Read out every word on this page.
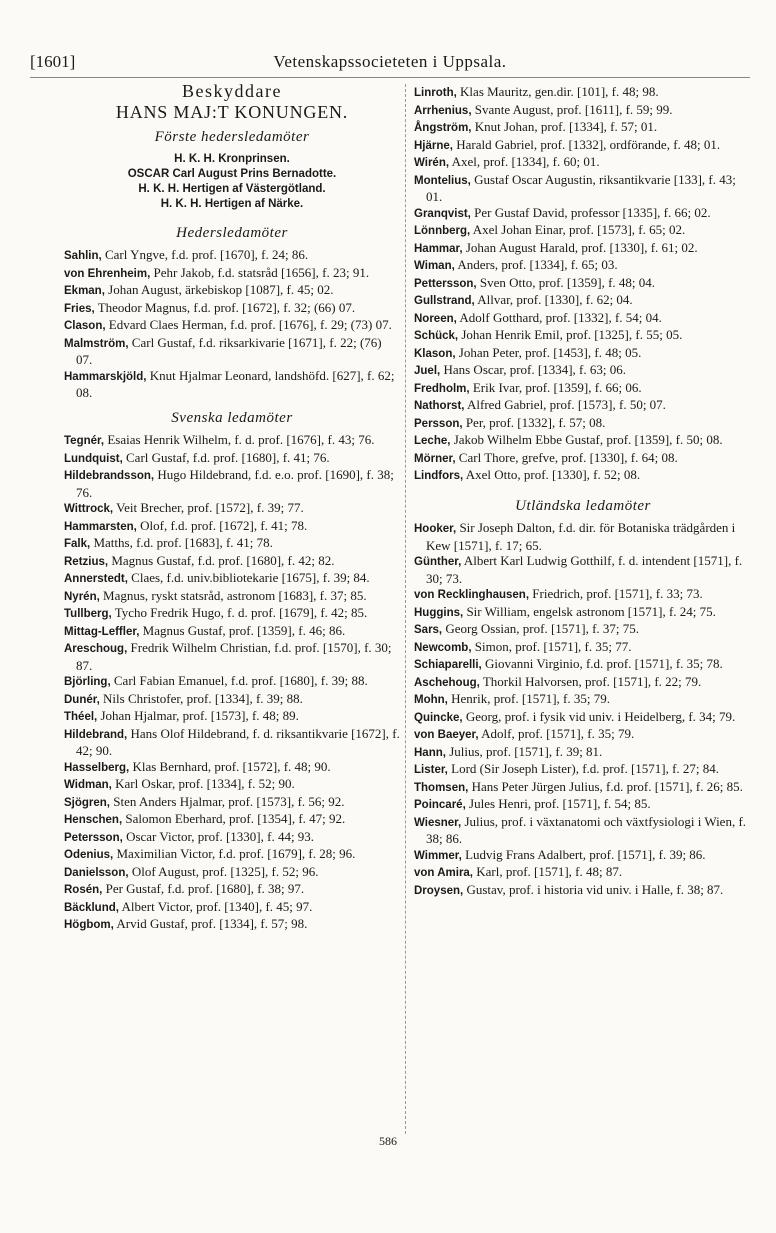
[1601]	Vetenskapssocieteten i Uppsala.
Beskyddare
HANS MAJ:T KONUNGEN.
Förste hedersledamöter
H. K. H. Kronprinsen.
OSCAR Carl August Prins Bernadotte.
H. K. H. Hertigen af Västergötland.
H. K. H. Hertigen af Närke.
Hedersledamöter
Sahlin, Carl Yngve, f.d. prof. [1670], f. 24; 86.
von Ehrenheim, Pehr Jakob, f.d. statsråd [1656], f. 23; 91.
Ekman, Johan August, ärkebiskop [1087], f. 45; 02.
Fries, Theodor Magnus, f.d. prof. [1672], f. 32; (66) 07.
Clason, Edvard Claes Herman, f.d. prof. [1676], f. 29; (73) 07.
Malmström, Carl Gustaf, f.d. riksarkivarie [1671], f. 22; (76) 07.
Hammarskjöld, Knut Hjalmar Leonard, landshöfd. [627], f. 62; 08.
Svenska ledamöter
Tegnér, Esaias Henrik Wilhelm, f. d. prof. [1676], f. 43; 76.
Lundquist, Carl Gustaf, f.d. prof. [1680], f. 41; 76.
Hildebrandsson, Hugo Hildebrand, f.d. e.o. prof. [1690], f. 38; 76.
Wittrock, Veit Brecher, prof. [1572], f. 39; 77.
Hammarsten, Olof, f.d. prof. [1672], f. 41; 78.
Falk, Matths, f.d. prof. [1683], f. 41; 78.
Retzius, Magnus Gustaf, f.d. prof. [1680], f. 42; 82.
Annerstedt, Claes, f.d. univ.bibliotekarie [1675], f. 39; 84.
Nyrén, Magnus, ryskt statsråd, astronom [1683], f. 37; 85.
Tullberg, Tycho Fredrik Hugo, f. d. prof. [1679], f. 42; 85.
Mittag-Leffler, Magnus Gustaf, prof. [1359], f. 46; 86.
Areschoug, Fredrik Wilhelm Christian, f.d. prof. [1570], f. 30; 87.
Björling, Carl Fabian Emanuel, f.d. prof. [1680], f. 39; 88.
Dunér, Nils Christofer, prof. [1334], f. 39; 88.
Théel, Johan Hjalmar, prof. [1573], f. 48; 89.
Hildebrand, Hans Olof Hildebrand, f. d. riksantikvarie [1672], f. 42; 90.
Hasselberg, Klas Bernhard, prof. [1572], f. 48; 90.
Widman, Karl Oskar, prof. [1334], f. 52; 90.
Sjögren, Sten Anders Hjalmar, prof. [1573], f. 56; 92.
Henschen, Salomon Eberhard, prof. [1354], f. 47; 92.
Petersson, Oscar Victor, prof. [1330], f. 44; 93.
Odenius, Maximilian Victor, f.d. prof. [1679], f. 28; 96.
Danielsson, Olof August, prof. [1325], f. 52; 96.
Rosén, Per Gustaf, f.d. prof. [1680], f. 38; 97.
Bäcklund, Albert Victor, prof. [1340], f. 45; 97.
Högbom, Arvid Gustaf, prof. [1334], f. 57; 98.
Linroth, Klas Mauritz, gen.dir. [101], f. 48; 98.
Arrhenius, Svante August, prof. [1611], f. 59; 99.
Ångström, Knut Johan, prof. [1334], f. 57; 01.
Hjärne, Harald Gabriel, prof. [1332], ordförande, f. 48; 01.
Wirén, Axel, prof. [1334], f. 60; 01.
Montelius, Gustaf Oscar Augustin, riksantikvarie [133], f. 43; 01.
Granqvist, Per Gustaf David, professor [1335], f. 66; 02.
Lönnberg, Axel Johan Einar, prof. [1573], f. 65; 02.
Hammar, Johan August Harald, prof. [1330], f. 61; 02.
Wiman, Anders, prof. [1334], f. 65; 03.
Pettersson, Sven Otto, prof. [1359], f. 48; 04.
Gullstrand, Allvar, prof. [1330], f. 62; 04.
Noreen, Adolf Gotthard, prof. [1332], f. 54; 04.
Schück, Johan Henrik Emil, prof. [1325], f. 55; 05.
Klason, Johan Peter, prof. [1453], f. 48; 05.
Juel, Hans Oscar, prof. [1334], f. 63; 06.
Fredholm, Erik Ivar, prof. [1359], f. 66; 06.
Nathorst, Alfred Gabriel, prof. [1573], f. 50; 07.
Persson, Per, prof. [1332], f. 57; 08.
Leche, Jakob Wilhelm Ebbe Gustaf, prof. [1359], f. 50; 08.
Mörner, Carl Thore, grefve, prof. [1330], f. 64; 08.
Lindfors, Axel Otto, prof. [1330], f. 52; 08.
Utländska ledamöter
Hooker, Sir Joseph Dalton, f.d. dir. för Botaniska trädgården i Kew [1571], f. 17; 65.
Günther, Albert Karl Ludwig Gotthilf, f. d. intendent [1571], f. 30; 73.
von Recklinghausen, Friedrich, prof. [1571], f. 33; 73.
Huggins, Sir William, engelsk astronom [1571], f. 24; 75.
Sars, Georg Ossian, prof. [1571], f. 37; 75.
Newcomb, Simon, prof. [1571], f. 35; 77.
Schiaparelli, Giovanni Virginio, f.d. prof. [1571], f. 35; 78.
Aschehoug, Thorkil Halvorsen, prof. [1571], f. 22; 79.
Mohn, Henrik, prof. [1571], f. 35; 79.
Quincke, Georg, prof. i fysik vid univ. i Heidelberg, f. 34; 79.
von Baeyer, Adolf, prof. [1571], f. 35; 79.
Hann, Julius, prof. [1571], f. 39; 81.
Lister, Lord (Sir Joseph Lister), f.d. prof. [1571], f. 27; 84.
Thomsen, Hans Peter Jürgen Julius, f.d. prof. [1571], f. 26; 85.
Poincaré, Jules Henri, prof. [1571], f. 54; 85.
Wiesner, Julius, prof. i växtanatomi och växtfysiologi i Wien, f. 38; 86.
Wimmer, Ludvig Frans Adalbert, prof. [1571], f. 39; 86.
von Amira, Karl, prof. [1571], f. 48; 87.
Droysen, Gustav, prof. i historia vid univ. i Halle, f. 38; 87.
586
